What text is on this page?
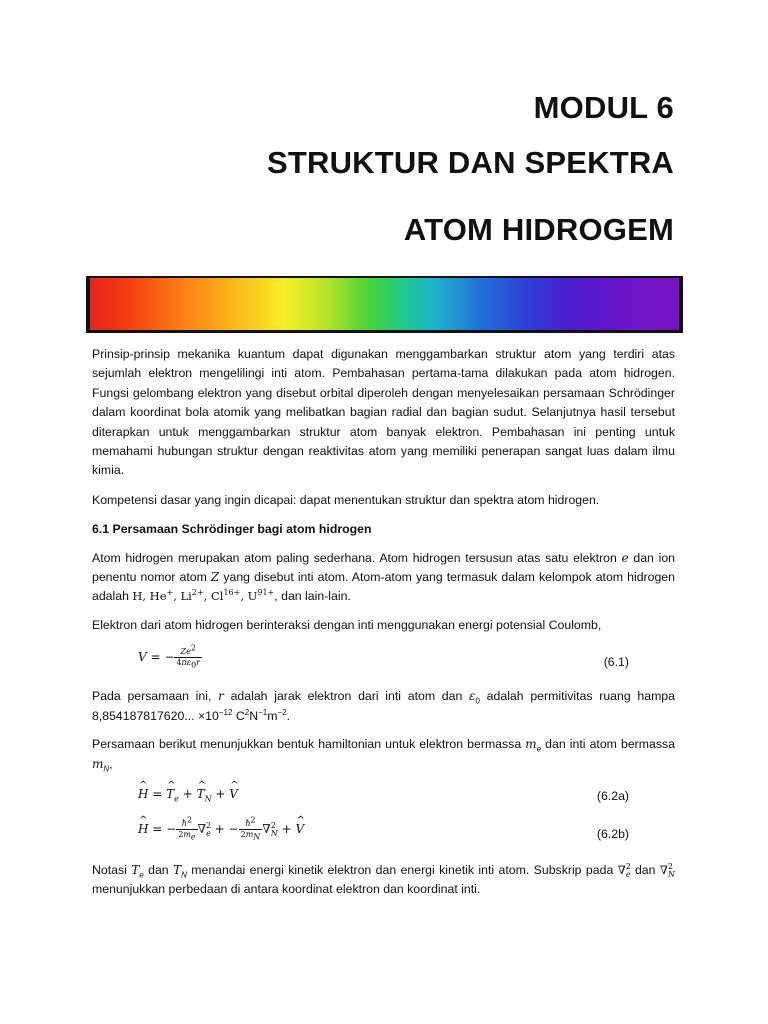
MODUL 6
STRUKTUR DAN SPEKTRA
ATOM HIDROGEM

Prinsip-prinsip mekanika kuantum dapat digunakan menggambarkan struktur atom yang terdiri atas sejumlah elektron mengelilingi inti atom. Pembahasan pertama-tama dilakukan pada atom hidrogen. Fungsi gelombang elektron yang disebut orbital diperoleh dengan menyelesaikan persamaan Schrödinger dalam koordinat bola atomik yang melibatkan bagian radial dan bagian sudut. Selanjutnya hasil tersebut diterapkan untuk menggambarkan struktur atom banyak elektron. Pembahasan ini penting untuk memahami hubungan struktur dengan reaktivitas atom yang memiliki penerapan sangat luas dalam ilmu kimia.

Kompetensi dasar yang ingin dicapai: dapat menentukan struktur dan spektra atom hidrogen.

6.1 Persamaan Schrödinger bagi atom hidrogen

Atom hidrogen merupakan atom paling sederhana. Atom hidrogen tersusun atas satu elektron e dan ion penentu nomor atom Z yang disebut inti atom. Atom-atom yang termasuk dalam kelompok atom hidrogen adalah H, He+, $Li^{2+}$, $Cl^{16+}$, $U^{91+}$, dan lain-lain.

Elektron dari atom hidrogen berinteraksi dengan inti menggunakan energi potensial Coulomb,

V = − $\frac{Ze^2}{4\pi\varepsilon_0r}$	(6.1)

Pada persamaan ini, r adalah jarak elektron dari inti atom dan $\varepsilon_0$ adalah permitivitas ruang hampa 8,854187817620... $\times 10^{-12}$ $C^2N^{-1}m^{-2}$.

Persamaan berikut menunjukkan bentuk hamiltonian untuk elektron bermassa $m_e$ dan inti atom bermassa $m_N$,

^ H = ^ $T_e$ + ^ $T_N$ + ^ V	(6.2a)
^ H = − $\frac{ħ^2}{2m_e} \nabla^2_e$ + − $\frac{ħ^2}{2m_N} \nabla^2_N$ + ^ V	(6.2b)

Notasi $T_e$ dan $T_N$ menandai energi kinetik elektron dan energi kinetik inti atom. Subskrip pada ∇$^2_e$ dan ∇$^2_N$ menunjukkan perbedaan di antara koordinat elektron dan koordinat inti.
